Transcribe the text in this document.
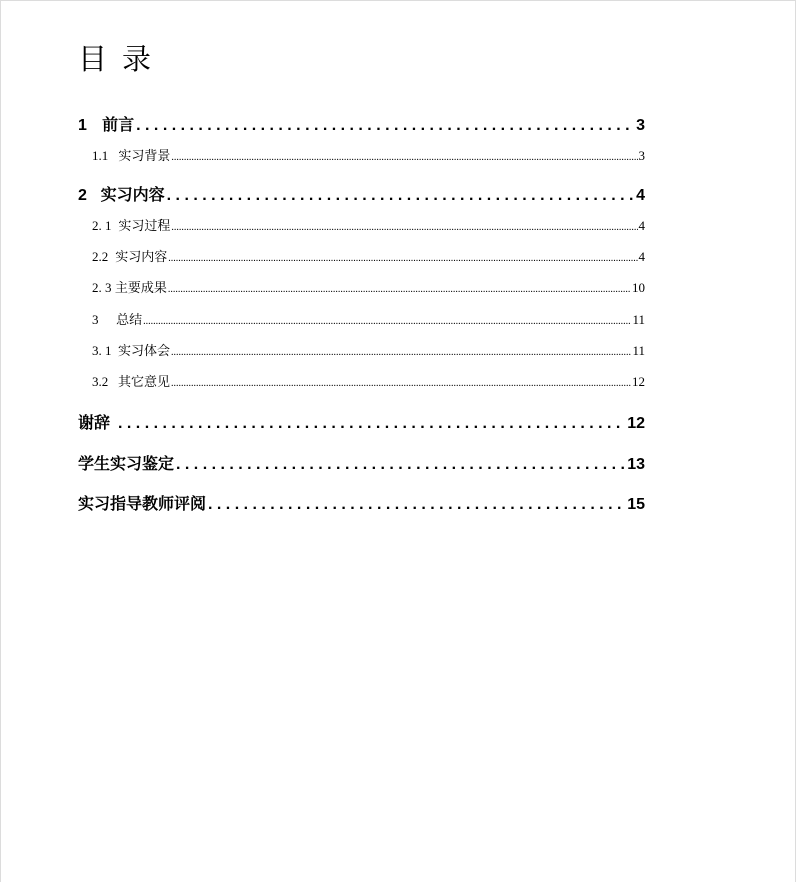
目 录
1 前言 . . .	3
1.1 实习背景 .....	3
2 实习内容 . . .	4
2. 1 实习过程 .....	4
2.2 实习内容 .....	4
2. 3 主要成果 .....	10
3	总结 .....	11
3. 1 实习体会 .....	11
3.2 其它意见 .....	12
谢辞 . . .	12
学生实习鉴定 . . .	13
实习指导教师评阅 . . .	15
